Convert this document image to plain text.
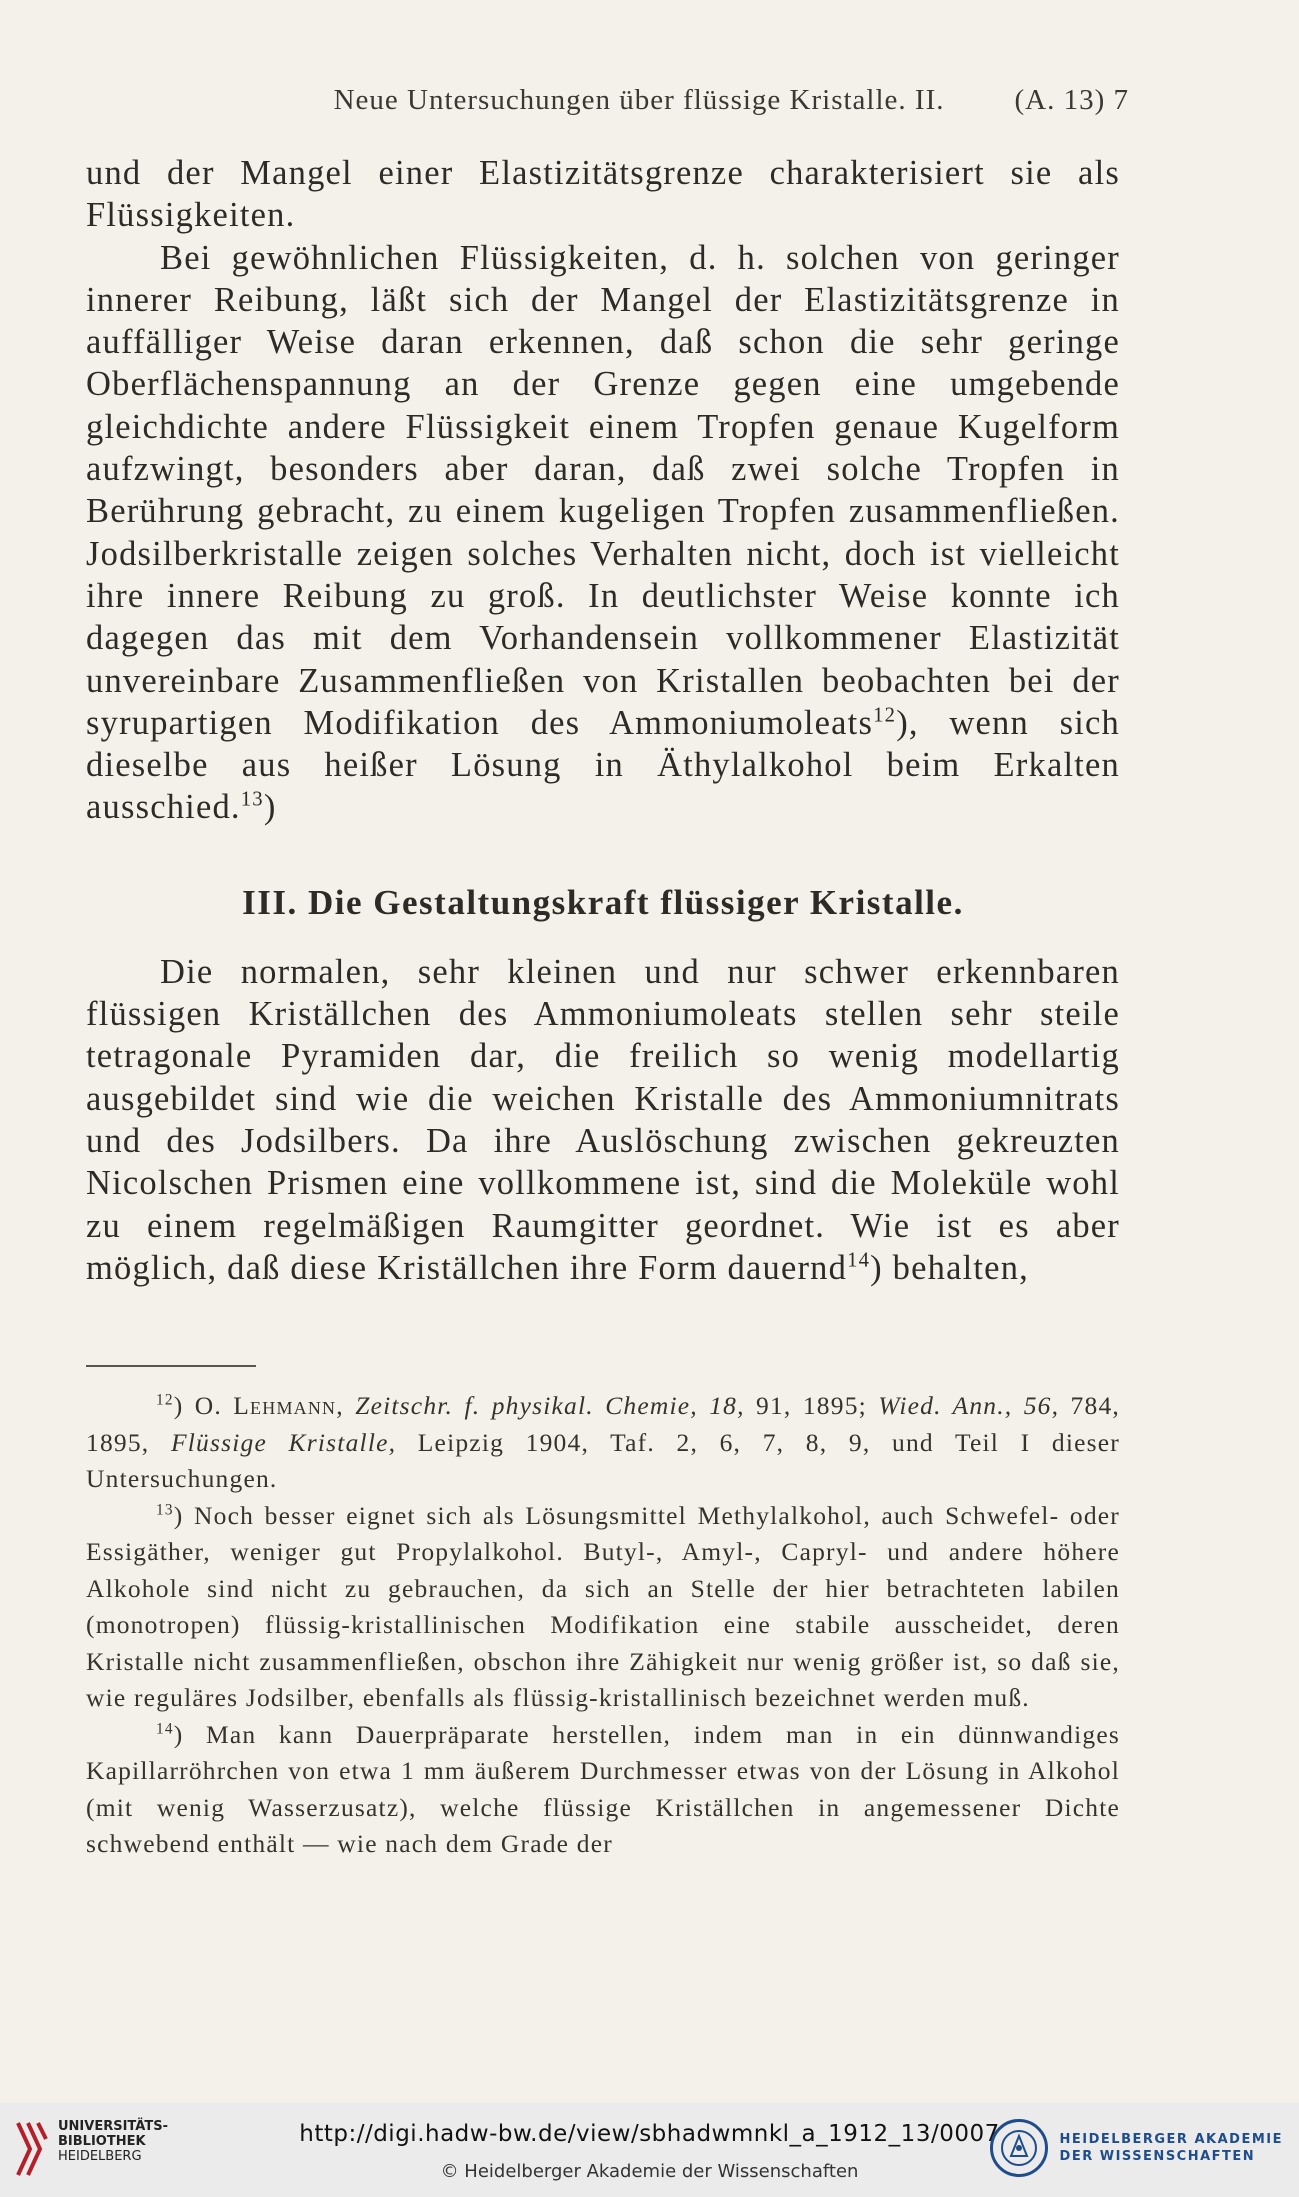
Neue Untersuchungen über flüssige Kristalle. II. (A. 13) 7

und der Mangel einer Elastizitätsgrenze charakterisiert sie als Flüssigkeiten.

Bei gewöhnlichen Flüssigkeiten, d. h. solchen von geringer innerer Reibung, läßt sich der Mangel der Elastizitätsgrenze in auffälliger Weise daran erkennen, daß schon die sehr geringe Oberflächenspannung an der Grenze gegen eine umgebende gleichdichte andere Flüssigkeit einem Tropfen genaue Kugelform aufzwingt, besonders aber daran, daß zwei solche Tropfen in Berührung gebracht, zu einem kugeligen Tropfen zusammenfließen. Jodsilberkristalle zeigen solches Verhalten nicht, doch ist vielleicht ihre innere Reibung zu groß. In deutlichster Weise konnte ich dagegen das mit dem Vorhandensein vollkommener Elastizität unvereinbare Zusammenfließen von Kristallen beobachten bei der syrupartigen Modifikation des Ammoniumoleats$^{12}$), wenn sich dieselbe aus heißer Lösung in Äthylalkohol beim Erkalten ausschied.$^{13}$)

III. Die Gestaltungskraft flüssiger Kristalle.

Die normalen, sehr kleinen und nur schwer erkennbaren flüssigen Kriställchen des Ammoniumoleats stellen sehr steile tetragonale Pyramiden dar, die freilich so wenig modellartig ausgebildet sind wie die weichen Kristalle des Ammoniumnitrats und des Jodsilbers. Da ihre Auslöschung zwischen gekreuzten Nicolschen Prismen eine vollkommene ist, sind die Moleküle wohl zu einem regelmäßigen Raumgitter geordnet. Wie ist es aber möglich, daß diese Kriställchen ihre Form dauernd$^{14}$) behalten,

$^{12}$) O. Lehmann, Zeitschr. f. physikal. Chemie, 18, 91, 1895; Wied. Ann., 56, 784, 1895, Flüssige Kristalle, Leipzig 1904, Taf. 2, 6, 7, 8, 9, und Teil I dieser Untersuchungen.

$^{13}$) Noch besser eignet sich als Lösungsmittel Methylalkohol, auch Schwefel- oder Essigäther, weniger gut Propylalkohol. Butyl-, Amyl-, Capryl- und andere höhere Alkohole sind nicht zu gebrauchen, da sich an Stelle der hier betrachteten labilen (monotropen) flüssig-kristallinischen Modifikation eine stabile ausscheidet, deren Kristalle nicht zusammenfließen, obschon ihre Zähigkeit nur wenig größer ist, so daß sie, wie reguläres Jodsilber, ebenfalls als flüssig-kristallinisch bezeichnet werden muß.

$^{14}$) Man kann Dauerpräparate herstellen, indem man in ein dünnwandiges Kapillarröhrchen von etwa 1 mm äußerem Durchmesser etwas von der Lösung in Alkohol (mit wenig Wasserzusatz), welche flüssige Kriställchen in angemessener Dichte schwebend enthält — wie nach dem Grade der

UNIVERSITÄTS-
BIBLIOTHEK
HEIDELBERG
http://digi.hadw-bw.de/view/sbhadwmnkl_a_1912_13/0007
© Heidelberger Akademie der Wissenschaften
HEIDELBERGER AKADEMIE
DER WISSENSCHAFTEN
